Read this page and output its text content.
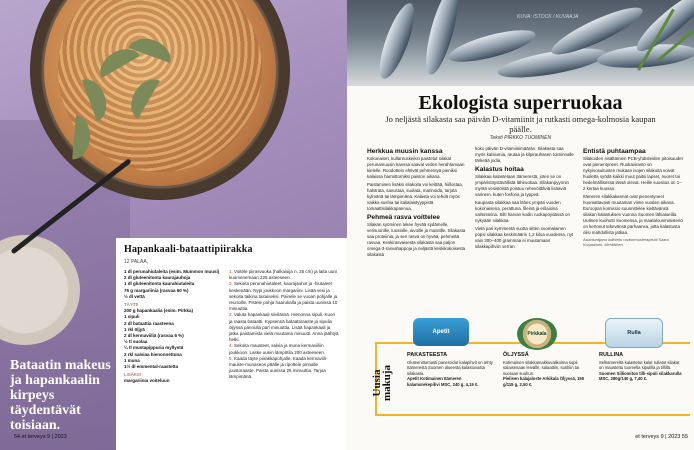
Bataatin makeus ja hapankaalin kirpeys täydentävät toisiaan.
Hapankaali-bataattipiirakka
12 PALAA,
1 dl perunahiutaleita (esim. Mummon muusi)
2 dl gluteenitonta kaurajauhoja
1 dl gluteenitonta kaurahiutaleita
75 g margariinia (rasvaa 60 %)
½ dl vettä
TÄYTE
200 g hapankaalia (esim. Pirkka)
1 sipuli
2 dl bataattia raasteena
1 rkl öljyä
2 dl kermaviiliä (rasvaa 6 %)
½ tl suolaa
¼ tl mustapippuria myllystä
2 rkl salviaa hienonnettuna
1 muna
1½ dl emmental-raastetta
LISÄKSI
margariinia voiteluun
1. Voitele piirasvuoka (halkaisija n. 25 cm) ja laita uuni kuumenemaan 225 asteeseen.
2. Sekoita perunahiutaleet, kaurajauhot ja -hiutaleet keskenään. Nypi joukkoon margariini. Lisää vesi ja sekoita taikina tasaiseksi. Painele se vuoan pohjalle ja reunoille. Pistele pohja haarukalla ja paista uunissa 10 minuuttia.
3. Valuta hapankaali siivilässä. Hienonna sipuli. Kuori ja raasta bataatti. Kypsennä bataattiraaste ja sipulia öljyssä pannulla pari minuuttia. Lisää hapankaali ja jatka paistamista vielä muutama minuutti. Anna jäähtyä hetki.
4. Sekoita mausteet, salvia ja muna kermaviiliin joukkoon. Laske uunin lämpötila 200 asteeseen.
5. Kaada täyte piirakkapohjalle. Kaada kermaviili-mauste-munaseos päälle ja ripottele pinnalle juustoraaste. Paista uunissa 25 minuuttia. Tarjoa lämpimänä.
54 et terveys 9 | 2023
KUVA: ISTOCK / KUVAAJA
Ekologista superruokaa
Jo neljästä silakasta saa päivän D-vitamiinit ja rutkasti omega-kolmosia kaupan päälle.
Teksti PIRKKO TUOMINEN
Herkkua muusin kanssa

Kokonaiset, kullanruskeiksi paistetut silakat perunamuusin kanssa saavat veden herahtamaan kielelle. Ruodottein ehtivät pehmentyä pieniksi kalaissa harmittomiksi paiston aikana.

Paistamisen lisäksi silakoita voi keittää, hiillostaa, halstrata, savustaa, suolata, marinoida, tarjota kylmänä tai lämpimänä. Kalasta voi tehdä myös vaikka sushia tai italialaistyyppistä tomaattisilakkapannua.

Pehmeä rasva voittelee

Silakan syöminen tekee hyvää sydämelle, verisuonille, luustolle, aivoille ja muistille. Silakasta saa proteiinia, ja sen rasva on hyvää, pehmeää rasvaa. Keskirasvaisesta silakasta saa paljon omega-3-rasvahappoja ja neljästä keskikokoisesta silakasta

koko päivän D-vitamiinimäärän. Silakasta saa myös kalsiumia, rautaa ja kilpirauhasen toiminnalle tärkeää jodia.

Kalastus hoitaa

Silakkaa kalastetaan Itämerestä, joten se on ympäristöystävällistä lähiruokaa. Silakanpyynnin myötä vesistöistä poistuu rehevöittäviä lisäaviä varinem, kuten fosforia ja typpeä.

Kaupasta silakkaa saa lähes ympäri vuoden kokonaisena, perattuna, fileinä ja erilaisina valmisteina. Silti harvan kodin ruokapöydässä on nykyään silakkaa.

Vielä pari kymmentä vuotta sitten suomalainen popsi silakkaa keskimäärin 1,2 kiloa vuodessa, nyt vain 300–400 grammaa ei muutamaan silakkapihviin verran.

Entistä puhtaampaa

Silakoiden sisältämien PCB-yhdisteiden pitoisuudet ovat pienentyneet. Ruokavirasto on nykyisosuitusten mukaan isojen silakoita voivat huoletta syödä kaikki muut paitsi lapset, nuoret tai hedelmällisessä iässä olevat. Heille suositus on 1–2 kertaa kuussa.

Itämeren silakkakannat ovat pienentyneet huomattavasti muutaman viime vuoden aikana. Euroopan komissio suunnittelee kieltävänsä silakan kalastuksen vuonna Suomen lähialueilla. Uutinen kuohutti Suomessa, ja maatalousministeriö on kertonut tekevänsä parhaansa, jotta kalastusta olisi mahdollista jatkaa.

Asiantuntijana lailliseltu ravitsemusterapeutti Saara Korjatainen, Mehiläinen.
Uusia makuja
Apetit
PAKASTEESTA
Gluteenittomasti paneroidut kalapihvit on tehty Itämerestä Suomen alueesta kalastuvasta silakasta.
Apetit Kotimainen Itämeren kalamurekepihvi MSC, 240 g, 4,15 €.
Pirkkala
ÖLJYSSÄ
Kotimainen silakkamakkuvalikoima sopii salaisenaan leivälle, salaattiin, sushiin tai suoraan suuhun.
Pielisen kalajaloste Arkikala Öljyssä, 150 g/115 g, 2,50 €.
Rulla
RULLINA
Selkämereltä kalastetut kalat rullatut silakat on maustettu tuoreella sipulilla ja tillillä.
Suomen Silliomiton tilli-sipuli silakkarulla MSC, 280g/140 g, 7,40 €.
et terveys 9 | 2023 55
